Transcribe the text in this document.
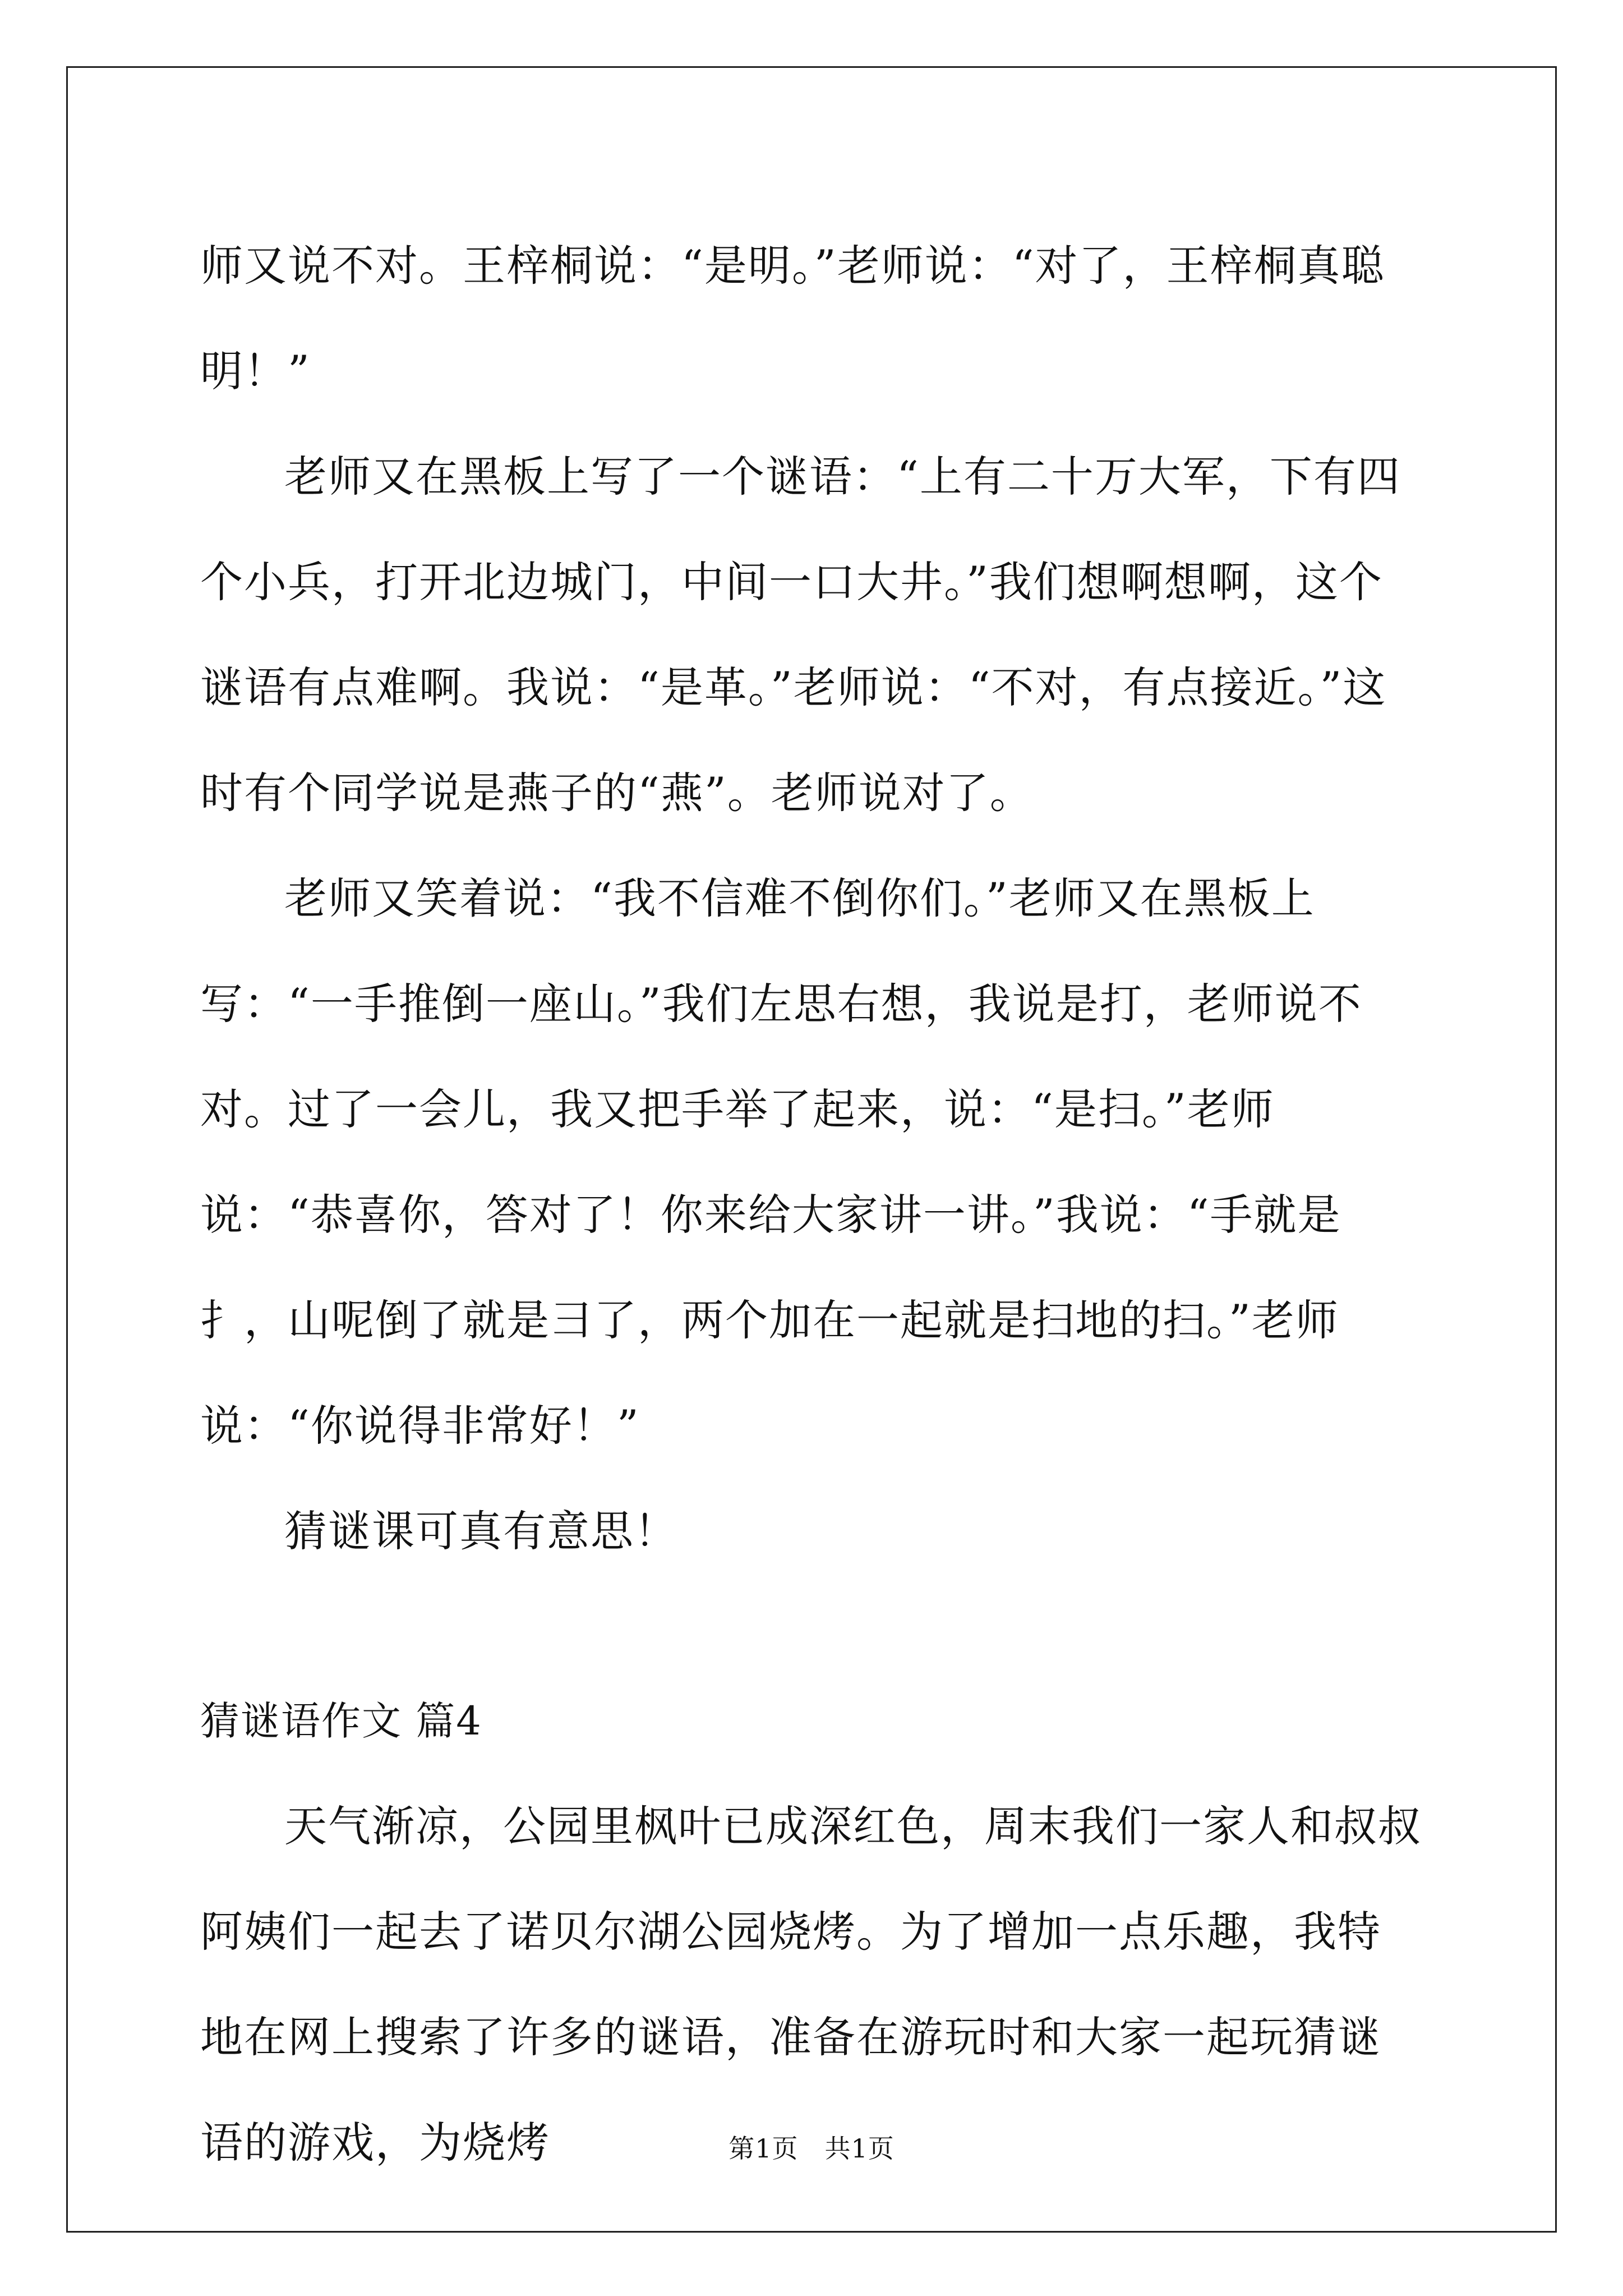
师又说不对。王梓桐说：“是明。”老师说：“对了，王梓桐真聪明！”

老师又在黑板上写了一个谜语：“上有二十万大军，下有四个小兵，打开北边城门，中间一口大井。”我们想啊想啊，这个谜语有点难啊。我说：“是革。”老师说：“不对，有点接近。”这时有个同学说是燕子的“燕”。老师说对了。

老师又笑着说：“我不信难不倒你们。”老师又在黑板上写：“一手推倒一座山。”我们左思右想，我说是打，老师说不对。过了一会儿，我又把手举了起来，说：“是扫。”老师说：“恭喜你，答对了！你来给大家讲一讲。”我说：“手就是扌，山呢倒了就是彐了，两个加在一起就是扫地的扫。”老师说：“你说得非常好！”

猜谜课可真有意思！

猜谜语作文 篇4

天气渐凉，公园里枫叶已成深红色，周末我们一家人和叔叔阿姨们一起去了诺贝尔湖公园烧烤。为了增加一点乐趣，我特地在网上搜索了许多的谜语，准备在游玩时和大家一起玩猜谜语的游戏，为烧烤	第1页　共1页
